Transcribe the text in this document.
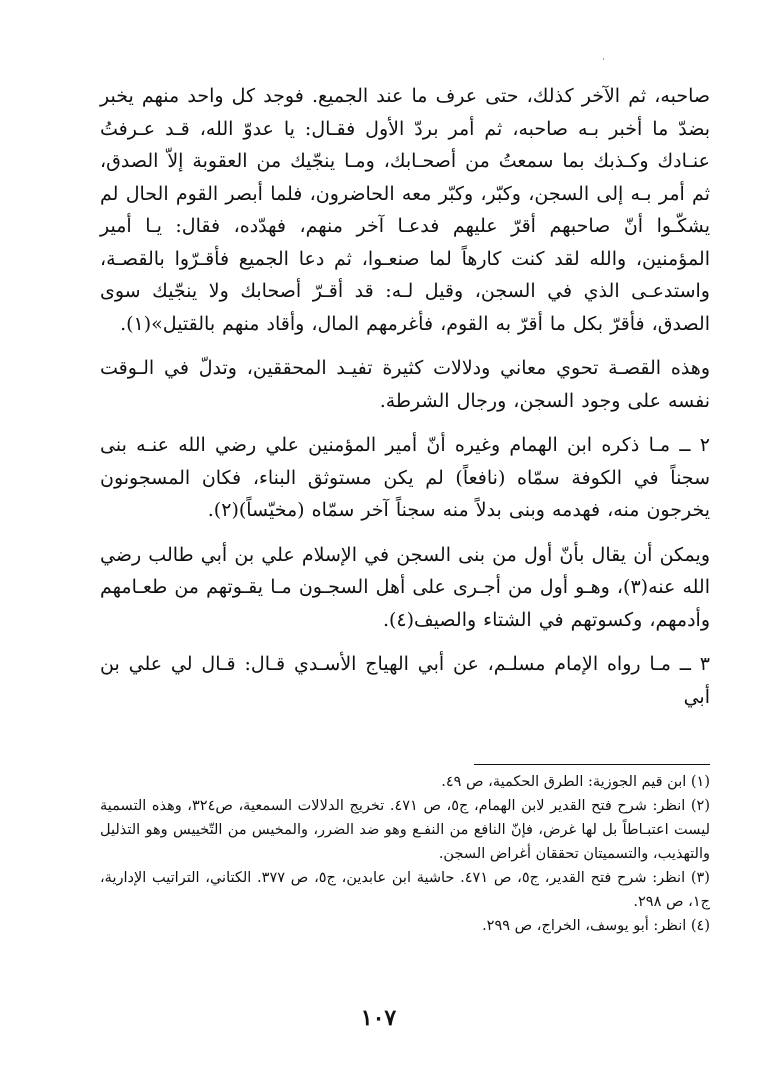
˙

صاحبه، ثم الآخر كذلك، حتى عرف ما عند الجميع. فوجد كل واحد منهم يخبر بضدّ ما أخبر بـه صاحبه، ثم أمر بردّ الأول فقـال: يا عدوّ الله، قـد عـرفتُ عنـادك وكـذبك بما سمعتُ من أصحـابك، ومـا ينجّيك من العقوبة إلاّ الصدق، ثم أمر بـه إلى السجن، وكبّر، وكبّر معه الحاضرون، فلما أبصر القوم الحال لم يشكّـوا أنّ صاحبهم أقرّ عليهم فدعـا آخر منهم، فهدّده، فقال: يـا أمير المؤمنين، والله لقد كنت كارهاً لما صنعـوا، ثم دعا الجميع فأقـرّوا بالقصـة، واستدعـى الذي في السجن، وقيل لـه: قد أقـرّ أصحابك ولا ينجّيك سوى الصدق، فأقرّ بكل ما أقرّ به القوم، فأغرمهم المال، وأقاد منهم بالقتيل»(١).

وهذه القصـة تحوي معاني ودلالات كثيرة تفيـد المحققين، وتدلّ في الـوقت نفسه على وجود السجن، ورجال الشرطة.

٢ ــ مـا ذكره ابن الهمام وغيره أنّ أمير المؤمنين علي رضي الله عنـه بنى سجناً في الكوفة سمّاه (نافعاً) لم يكن مستوثق البناء، فكان المسجونون يخرجون منه، فهدمه وبنى بدلاً منه سجناً آخر سمّاه (مخيّساً)(٢).

ويمكن أن يقال بأنّ أول من بنى السجن في الإسلام علي بن أبي طالب رضي الله عنه(٣)، وهـو أول من أجـرى على أهل السجـون مـا يقـوتهم من طعـامهم وأدمهم، وكسوتهم في الشتاء والصيف(٤).

٣ ــ مـا رواه الإمام مسلـم، عن أبي الهياج الأسـدي قـال: قـال لي علي بن أبي

(١) ابن قيم الجوزية: الطرق الحكمية، ص ٤٩.

(٢) انظر: شرح فتح القدير لابن الهمام، ج٥، ص ٤٧١. تخريج الدلالات السمعية، ص٣٢٤، وهذه التسمية ليست اعتبـاطاً بل لها غرض، فإنّ النافع من النفـع وهو ضد الضرر، والمخيس من التّخييس وهو التذليل والتهذيب، والتسميتان تحققان أغراض السجن.

(٣) انظر: شرح فتح القدير، ج٥، ص ٤٧١. حاشية ابن عابدين، ج٥، ص ٣٧٧. الكتاني، التراتيب الإدارية، ج١، ص ٢٩٨.

(٤) انظر: أبو يوسف، الخراج، ص ٢٩٩.

١٠٧
